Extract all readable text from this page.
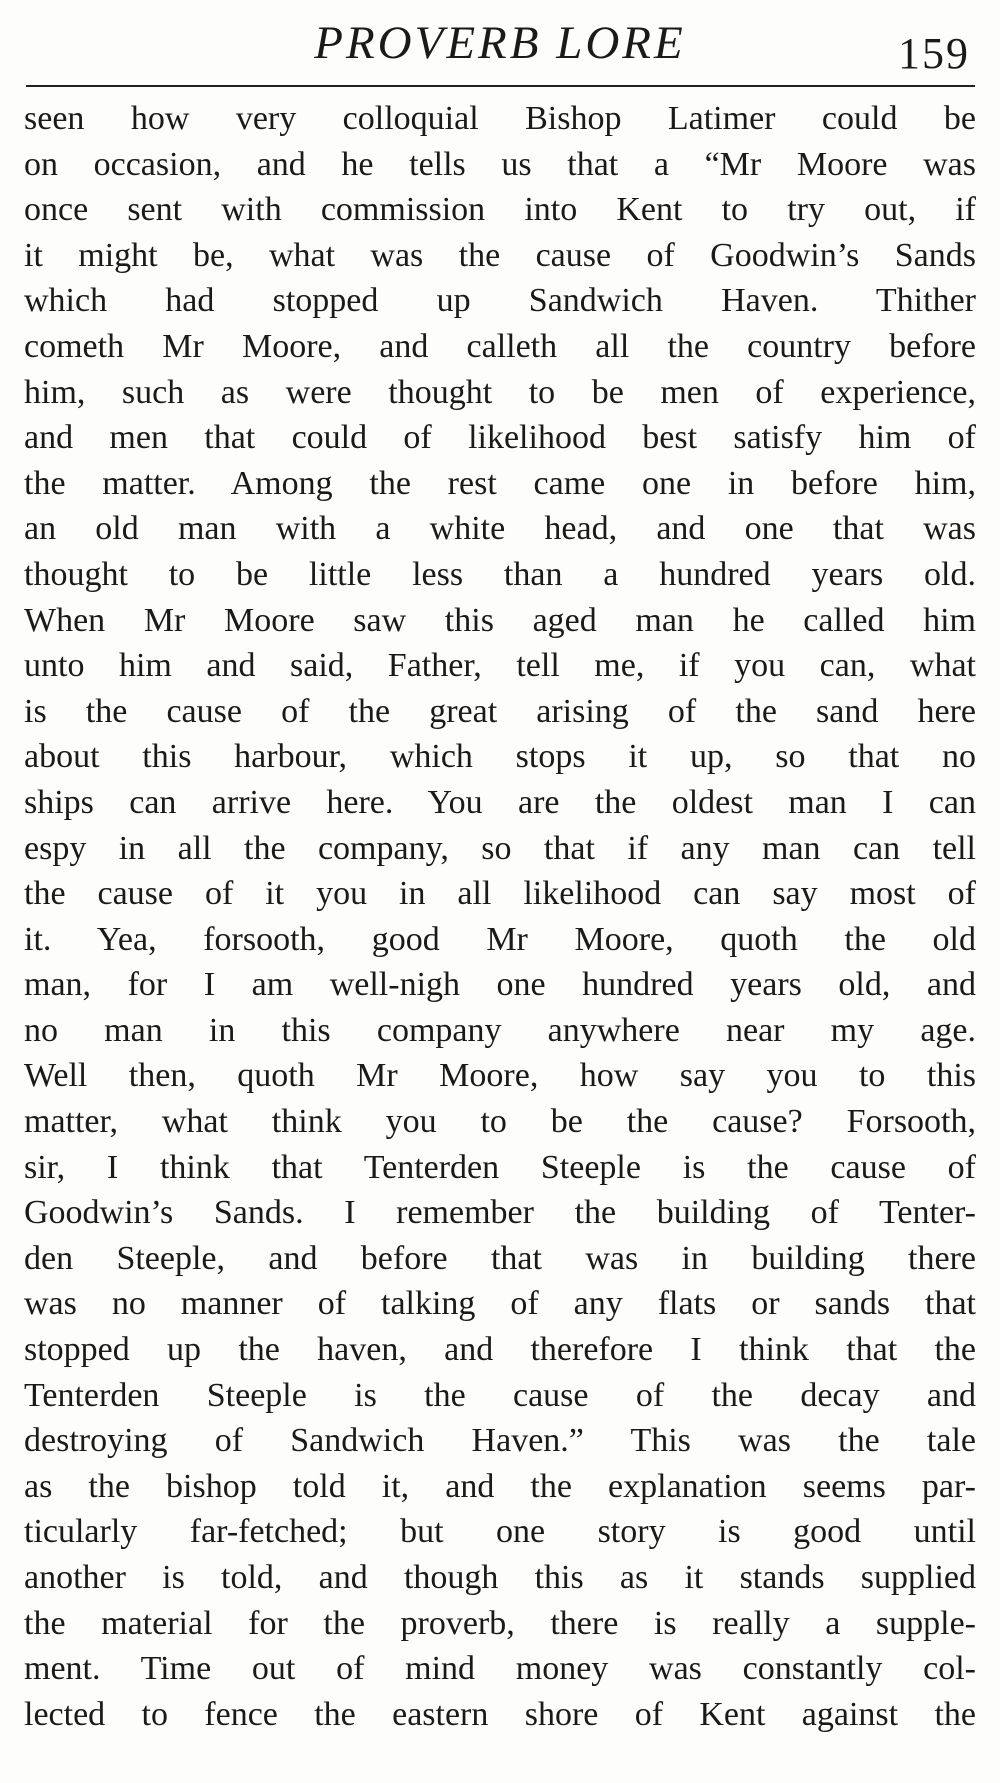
PROVERB LORE	159
seen how very colloquial Bishop Latimer could be
on occasion, and he tells us that a “Mr Moore was
once sent with commission into Kent to try out, if
it might be, what was the cause of Goodwin’s Sands
which had stopped up Sandwich Haven. Thither
cometh Mr Moore, and calleth all the country before
him, such as were thought to be men of experience,
and men that could of likelihood best satisfy him of
the matter. Among the rest came one in before him,
an old man with a white head, and one that was
thought to be little less than a hundred years old.
When Mr Moore saw this aged man he called him
unto him and said, Father, tell me, if you can, what
is the cause of the great arising of the sand here
about this harbour, which stops it up, so that no
ships can arrive here. You are the oldest man I can
espy in all the company, so that if any man can tell
the cause of it you in all likelihood can say most of
it. Yea, forsooth, good Mr Moore, quoth the old
man, for I am well-nigh one hundred years old, and
no man in this company anywhere near my age.
Well then, quoth Mr Moore, how say you to this
matter, what think you to be the cause? Forsooth,
sir, I think that Tenterden Steeple is the cause of
Goodwin’s Sands. I remember the building of Tenter-
den Steeple, and before that was in building there
was no manner of talking of any flats or sands that
stopped up the haven, and therefore I think that the
Tenterden Steeple is the cause of the decay and
destroying of Sandwich Haven.” This was the tale
as the bishop told it, and the explanation seems par-
ticularly far-fetched; but one story is good until
another is told, and though this as it stands supplied
the material for the proverb, there is really a supple-
ment. Time out of mind money was constantly col-
lected to fence the eastern shore of Kent against the
